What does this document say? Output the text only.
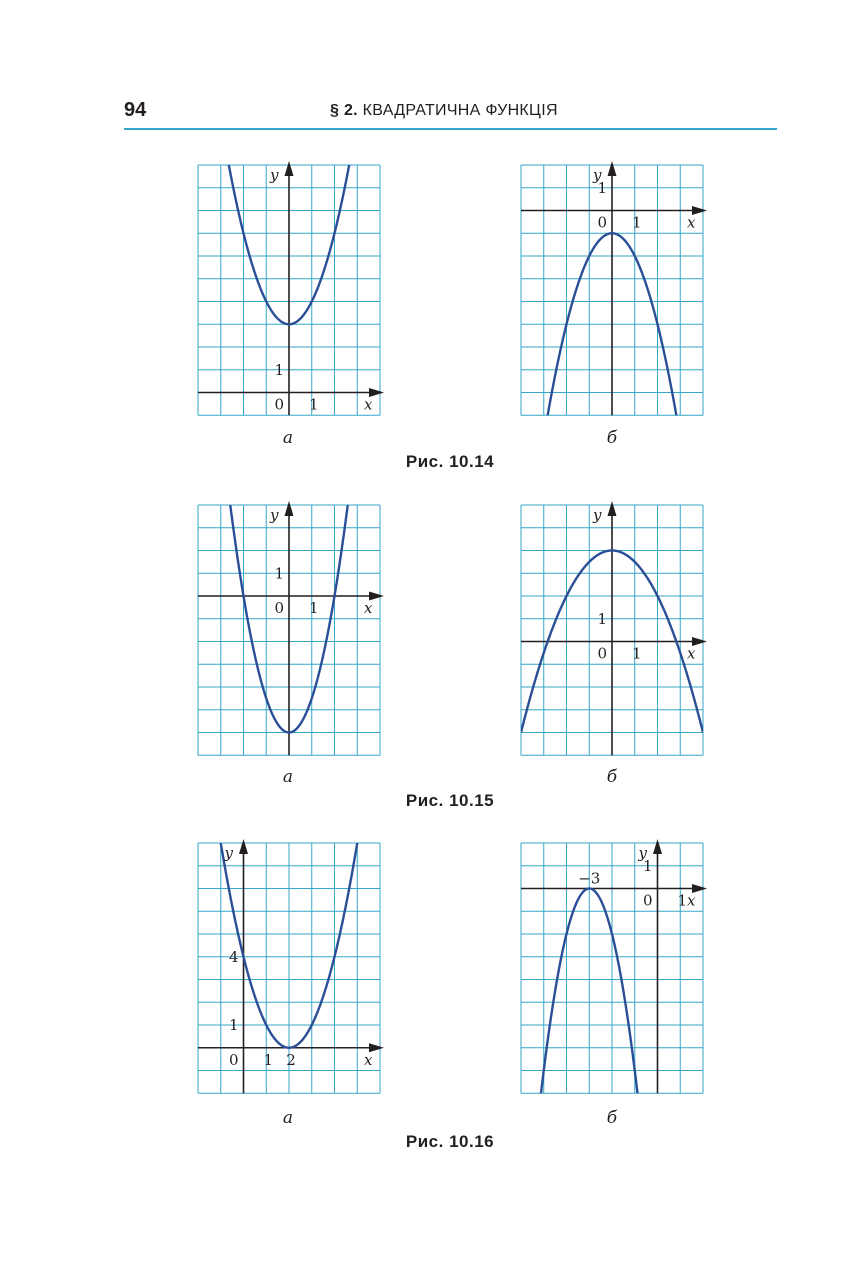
94	§ 2. КВАДРАТИЧНА ФУНКЦІЯ
y
x
1
0 1
y
x
1
0 1
а	б
Рис. 10.14
y
x
1
0 1
y
x
1
0 1
а	б
Рис. 10.15
y
x
4
1
0 1 2
y
x
−3
1
0 1
а	б
Рис. 10.16
